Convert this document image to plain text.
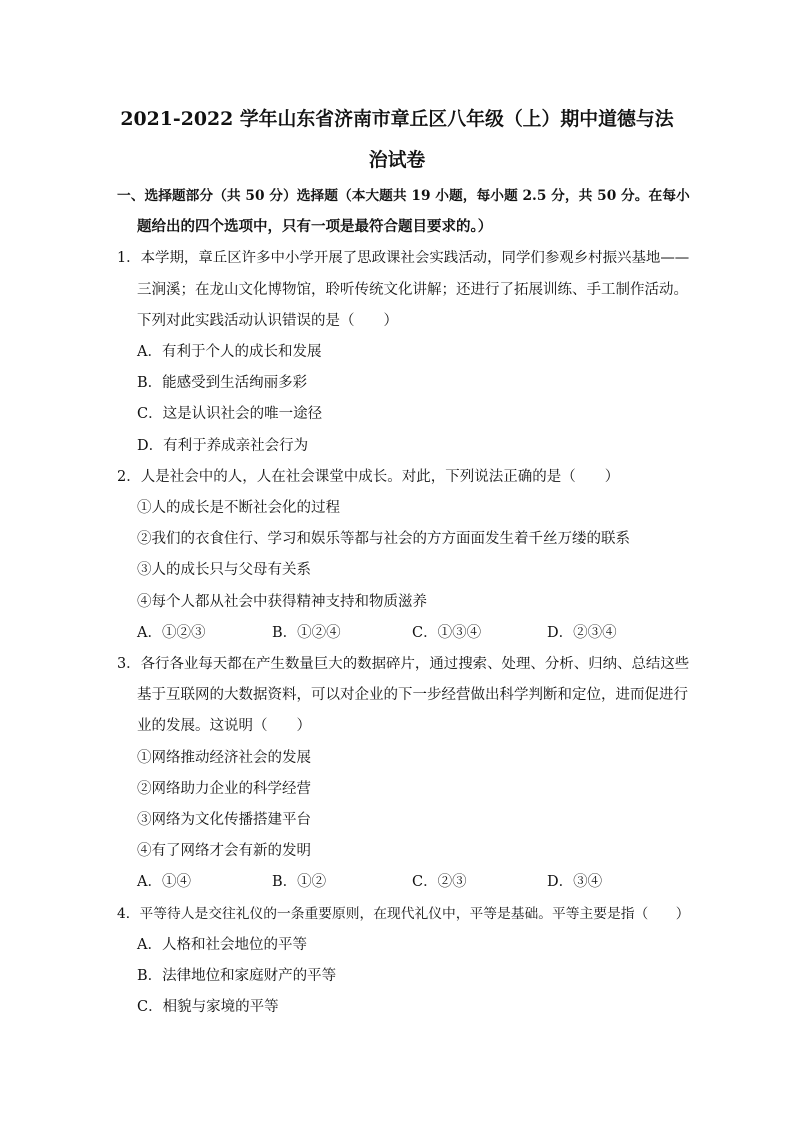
2021-2022 学年山东省济南市章丘区八年级（上）期中道德与法
治试卷
一、选择题部分（共 50 分）选择题（本大题共 19 小题，每小题 2.5 分，共 50 分。在每小
题给出的四个选项中，只有一项是最符合题目要求的。）
1．本学期，章丘区许多中小学开展了思政课社会实践活动，同学们参观乡村振兴基地——
三涧溪；在龙山文化博物馆，聆听传统文化讲解；还进行了拓展训练、手工制作活动。
下列对此实践活动认识错误的是（　　）
A．有利于个人的成长和发展
B．能感受到生活绚丽多彩
C．这是认识社会的唯一途径
D．有利于养成亲社会行为
2．人是社会中的人，人在社会课堂中成长。对此，下列说法正确的是（　　）
①人的成长是不断社会化的过程
②我们的衣食住行、学习和娱乐等都与社会的方方面面发生着千丝万缕的联系
③人的成长只与父母有关系
④每个人都从社会中获得精神支持和物质滋养
A．①②③	B．①②④	C．①③④	D．②③④
3．各行各业每天都在产生数量巨大的数据碎片，通过搜索、处理、分析、归纳、总结这些
基于互联网的大数据资料，可以对企业的下一步经营做出科学判断和定位，进而促进行
业的发展。这说明（　　）
①网络推动经济社会的发展
②网络助力企业的科学经营
③网络为文化传播搭建平台
④有了网络才会有新的发明
A．①④	B．①②	C．②③	D．③④
4．平等待人是交往礼仪的一条重要原则，在现代礼仪中，平等是基础。平等主要是指（　　）
A．人格和社会地位的平等
B．法律地位和家庭财产的平等
C．相貌与家境的平等
